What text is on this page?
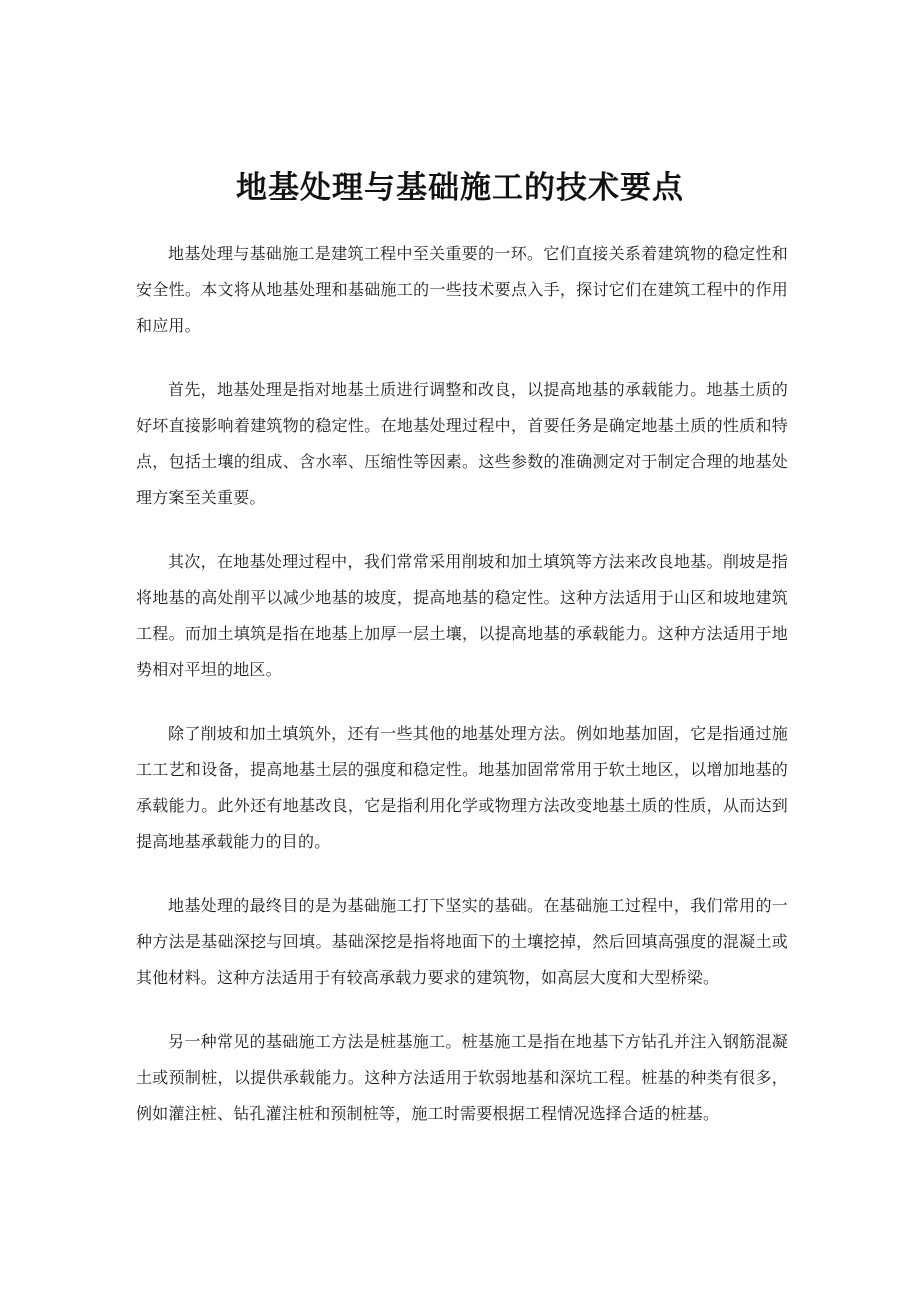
地基处理与基础施工的技术要点

地基处理与基础施工是建筑工程中至关重要的一环。它们直接关系着建筑物的稳定性和安全性。本文将从地基处理和基础施工的一些技术要点入手，探讨它们在建筑工程中的作用和应用。

首先，地基处理是指对地基土质进行调整和改良，以提高地基的承载能力。地基土质的好坏直接影响着建筑物的稳定性。在地基处理过程中，首要任务是确定地基土质的性质和特点，包括土壤的组成、含水率、压缩性等因素。这些参数的准确测定对于制定合理的地基处理方案至关重要。

其次，在地基处理过程中，我们常常采用削坡和加土填筑等方法来改良地基。削坡是指将地基的高处削平以减少地基的坡度，提高地基的稳定性。这种方法适用于山区和坡地建筑工程。而加土填筑是指在地基上加厚一层土壤，以提高地基的承载能力。这种方法适用于地势相对平坦的地区。

除了削坡和加土填筑外，还有一些其他的地基处理方法。例如地基加固，它是指通过施工工艺和设备，提高地基土层的强度和稳定性。地基加固常常用于软土地区，以增加地基的承载能力。此外还有地基改良，它是指利用化学或物理方法改变地基土质的性质，从而达到提高地基承载能力的目的。

地基处理的最终目的是为基础施工打下坚实的基础。在基础施工过程中，我们常用的一种方法是基础深挖与回填。基础深挖是指将地面下的土壤挖掉，然后回填高强度的混凝土或其他材料。这种方法适用于有较高承载力要求的建筑物，如高层大度和大型桥梁。

另一种常见的基础施工方法是桩基施工。桩基施工是指在地基下方钻孔并注入钢筋混凝土或预制桩，以提供承载能力。这种方法适用于软弱地基和深坑工程。桩基的种类有很多，例如灌注桩、钻孔灌注桩和预制桩等，施工时需要根据工程情况选择合适的桩基。
